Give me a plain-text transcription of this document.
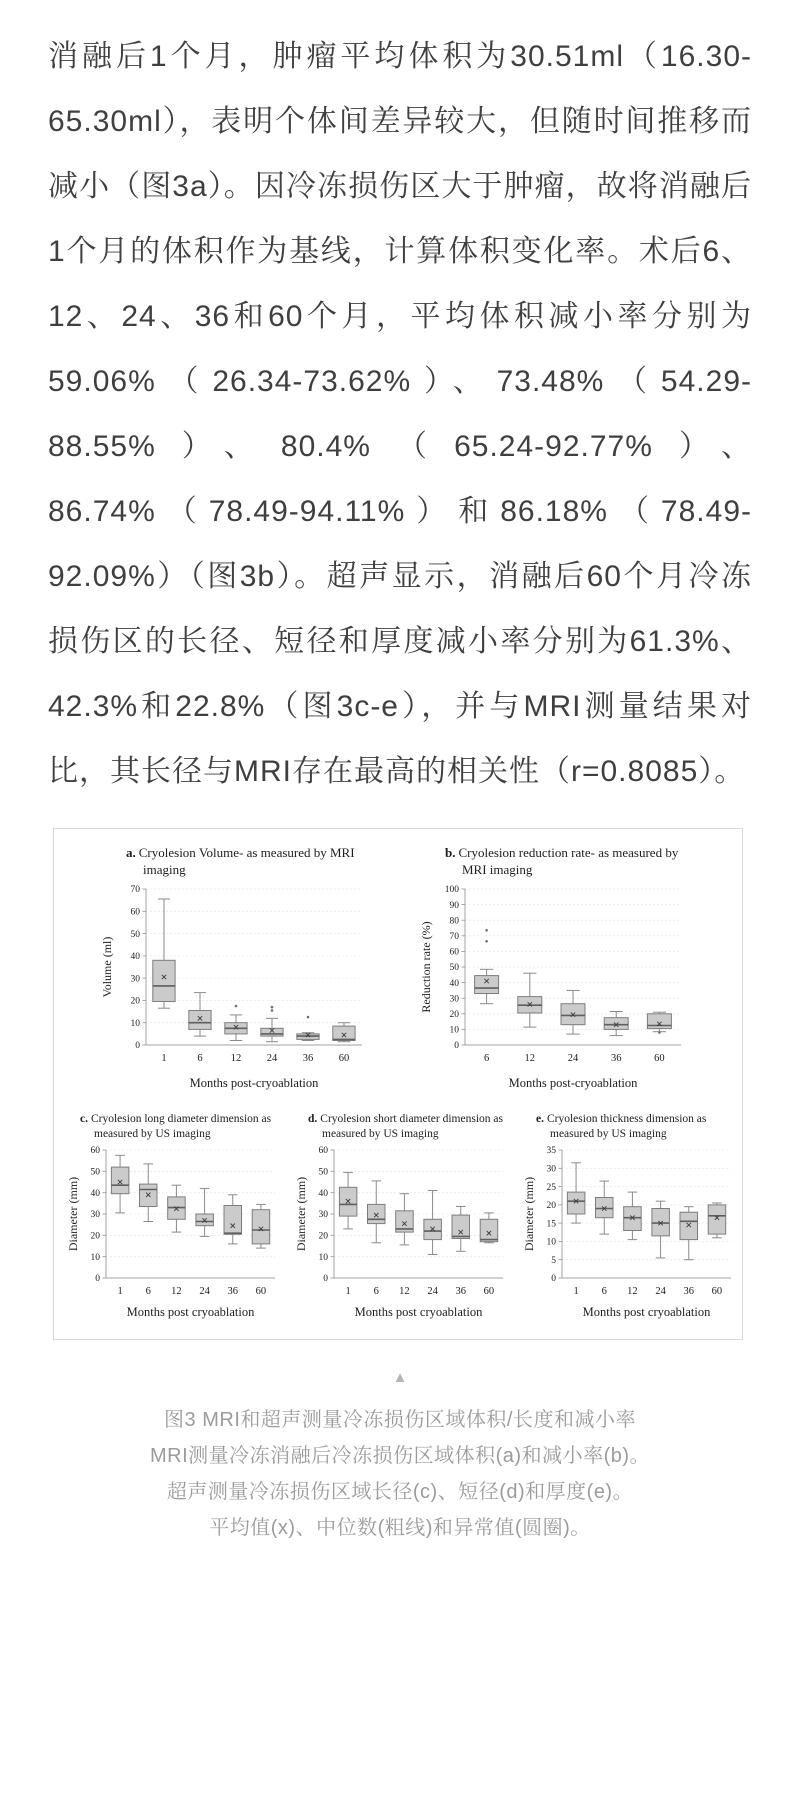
消融后1个月，肿瘤平均体积为30.51ml（16.30-65.30ml），表明个体间差异较大，但随时间推移而减小（图3a）。因冷冻损伤区大于肿瘤，故将消融后1个月的体积作为基线，计算体积变化率。术后6、12、24、36和60个月，平均体积减小率分别为59.06%（26.34-73.62%）、73.48%（54.29-88.55%）、80.4%（65.24-92.77%）、86.74%（78.49-94.11%）和86.18%（78.49-92.09%）（图3b）。超声显示，消融后60个月冷冻损伤区的长径、短径和厚度减小率分别为61.3%、42.3%和22.8%（图3c-e），并与MRI测量结果对比，其长径与MRI存在最高的相关性（r=0.8085）。

a. Cryolesion Volume- as measured by MRI imaging
0
10
20
30
40
50
60
70
1	6	12 24 36 60
Months post-cryoablation
Volume (ml)
b. Cryolesion reduction rate- as measured by MRI imaging
0
10
20
30
40
50
60
70
80
90
100
6	12	24	36	60
Months post-cryoablation
Reduction rate (%)
c. Cryolesion long diameter dimension as measured by US imaging
0
10
20
30
40
50
60
1 6 12 24 36 60
Months post cryoablation
Diameter (mm)
d. Cryolesion short diameter dimension as measured by US imaging
0
10
20
30
40
50
60
1 6 12 24 36 60
Months post cryoablation
Diameter (mm)
e. Cryolesion thickness dimension as measured by US imaging
0
5
10
15
20
25
30
35
1 6 12 24 36 60
Months post cryoablation
Diameter (mm)
▲

图3 MRI和超声测量冷冻损伤区域体积/长度和减小率

MRI测量冷冻消融后冷冻损伤区域体积(a)和减小率(b)。

超声测量冷冻损伤区域长径(c)、短径(d)和厚度(e)。

平均值(x)、中位数(粗线)和异常值(圆圈)。
